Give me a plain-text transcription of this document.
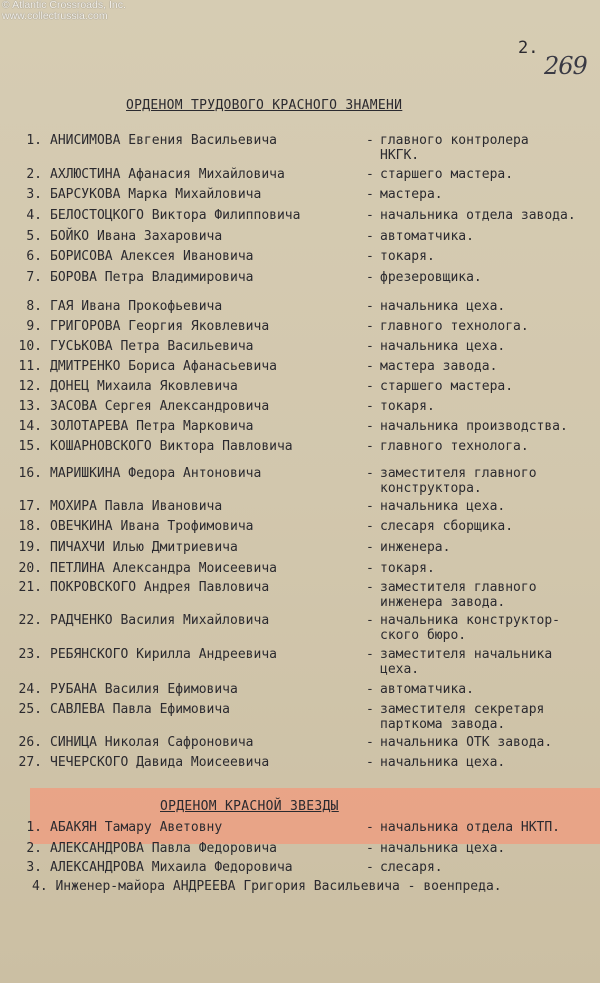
© Atlantic Crossroads, Inc.
www.collectrussia.com
2.
269
ОРДЕНОМ ТРУДОВОГО КРАСНОГО ЗНАМЕНИ
ОРДЕНОМ КРАСНОЙ ЗВЕЗДЫ
1. АНИСИМОВА Евгения Васильевича	- главного контролера
НКГК.
2. АХЛЮСТИНА Афанасия Михайловича	- старшего мастера.
3. БАРСУКОВА Марка Михайловича	- мастера.
4. БЕЛОСТОЦКОГО Виктора Филипповича	- начальника отдела завода.
5. БОЙКО Ивана Захаровича	- автоматчика.
6. БОРИСОВА Алексея Ивановича	- токаря.
7. БОРОВА Петра Владимировича	- фрезеровщика.
8. ГАЯ Ивана Прокофьевича	- начальника цеха.
9. ГРИГОРОВА Георгия Яковлевича	- главного технолога.
10. ГУСЬКОВА Петра Васильевича	- начальника цеха.
11. ДМИТРЕНКО Бориса Афанасьевича	- мастера завода.
12. ДОНЕЦ Михаила Яковлевича	- старшего мастера.
13. ЗАСОВА Сергея Александровича	- токаря.
14. ЗОЛОТАРЕВА Петра Марковича	- начальника производства.
15. КОШАРНОВСКОГО Виктора Павловича	- главного технолога.
16. МАРИШКИНА Федора Антоновича	- заместителя главного
конструктора.
17. МОХИРА Павла Ивановича	- начальника цеха.
18. ОВЕЧКИНА Ивана Трофимовича	- слесаря сборщика.
19. ПИЧАХЧИ Илью Дмитриевича	- инженера.
20. ПЕТЛИНА Александра Моисеевича	- токаря.
21. ПОКРОВСКОГО Андрея Павловича	- заместителя главного
инженера завода.
22. РАДЧЕНКО Василия Михайловича	- начальника конструктор-
ского бюро.
23. РЕБЯНСКОГО Кирилла Андреевича	- заместителя начальника
цеха.
24. РУБАНА Василия Ефимовича	- автоматчика.
25. САВЛЕВА Павла Ефимовича	- заместителя секретаря
парткома завода.
26. СИНИЦА Николая Сафроновича	- начальника ОТК завода.
27. ЧЕЧЕРСКОГО Давида Моисеевича	- начальника цеха.
1. АБАКЯН Тамару Аветовну	- начальника отдела НКТП.
2. АЛЕКСАНДРОВА Павла Федоровича	- начальника цеха.
3. АЛЕКСАНДРОВА Михаила Федоровича	- слесаря.
4. Инженер-майора АНДРЕЕВА Григория Васильевича - военпреда.
